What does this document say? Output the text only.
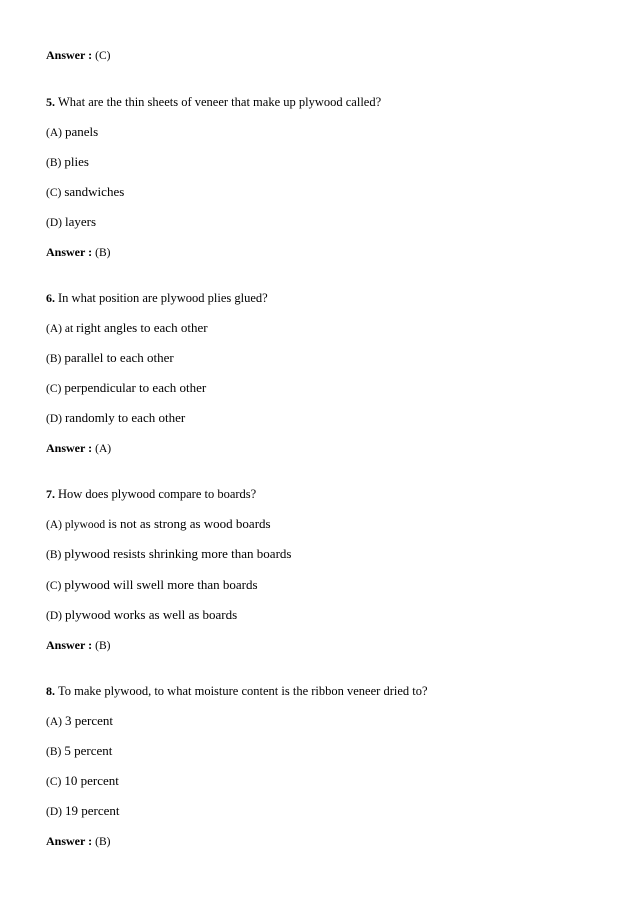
Answer : (C)
5. What are the thin sheets of veneer that make up plywood called?
(A) panels
(B) plies
(C) sandwiches
(D) layers
Answer : (B)
6. In what position are plywood plies glued?
(A) at right angles to each other
(B) parallel to each other
(C) perpendicular to each other
(D) randomly to each other
Answer : (A)
7. How does plywood compare to boards?
(A) plywood is not as strong as wood boards
(B) plywood resists shrinking more than boards
(C) plywood will swell more than boards
(D) plywood works as well as boards
Answer : (B)
8. To make plywood, to what moisture content is the ribbon veneer dried to?
(A) 3 percent
(B) 5 percent
(C) 10 percent
(D) 19 percent
Answer : (B)
